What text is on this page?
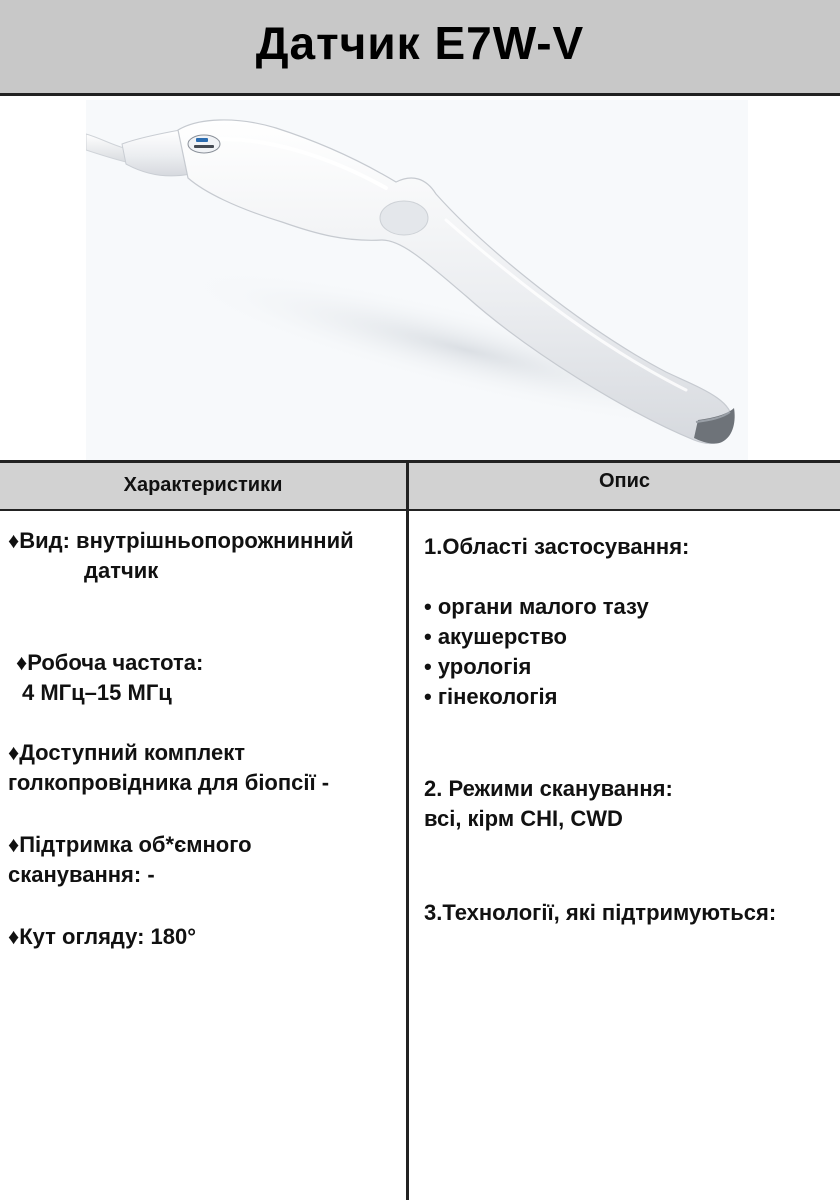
Датчик E7W-V
Характеристики	Опис
♦Вид: внутрішньопорожнинний
датчик
♦Робоча частота:
4 МГц–15 МГц
♦Доступний комплект
голкопровідника для біопсії -
♦Підтримка об*ємного
сканування: -
♦Кут огляду: 180°
1.Області застосування:
• органи малого тазу
• акушерство
• урологія
• гінекологія
2. Режими сканування:
всі, кірм CHI, CWD
3.Технології, які підтримуються:
